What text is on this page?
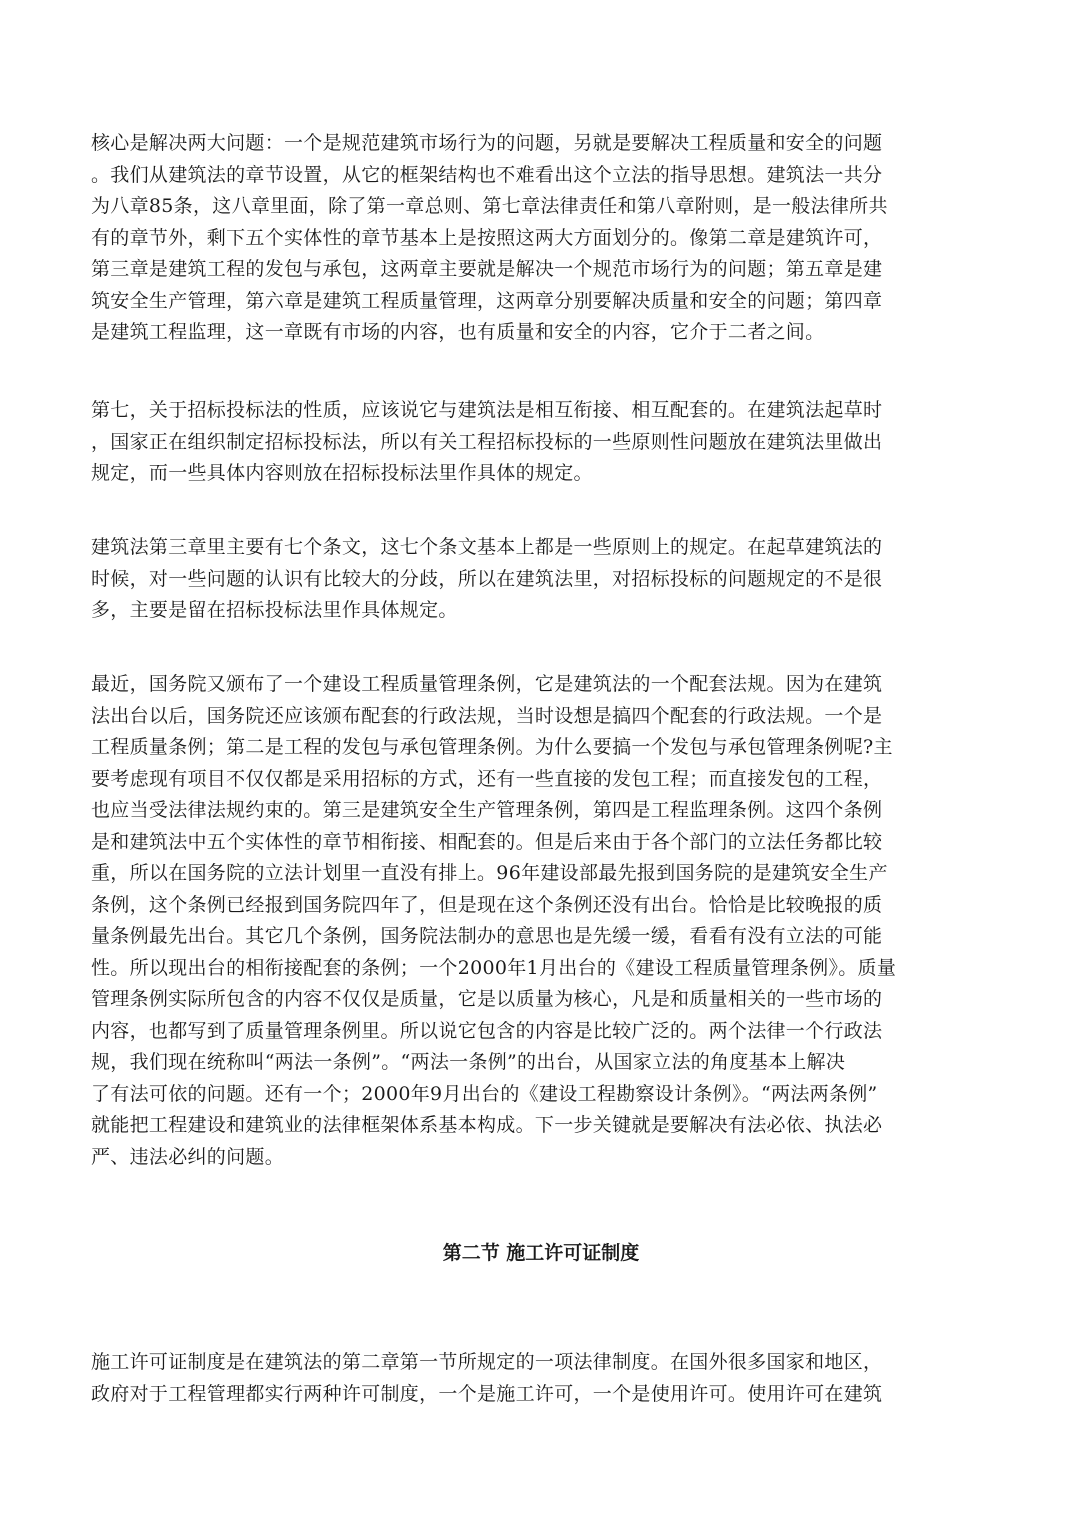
核心是解决两大问题：一个是规范建筑市场行为的问题，另就是要解决工程质量和安全的问题
。我们从建筑法的章节设置，从它的框架结构也不难看出这个立法的指导思想。建筑法一共分
为八章85条，这八章里面，除了第一章总则、第七章法律责任和第八章附则，是一般法律所共
有的章节外，剩下五个实体性的章节基本上是按照这两大方面划分的。像第二章是建筑许可，
第三章是建筑工程的发包与承包，这两章主要就是解决一个规范市场行为的问题；第五章是建
筑安全生产管理，第六章是建筑工程质量管理，这两章分别要解决质量和安全的问题；第四章
是建筑工程监理，这一章既有市场的内容，也有质量和安全的内容，它介于二者之间。

第七，关于招标投标法的性质，应该说它与建筑法是相互衔接、相互配套的。在建筑法起草时
，国家正在组织制定招标投标法，所以有关工程招标投标的一些原则性问题放在建筑法里做出
规定，而一些具体内容则放在招标投标法里作具体的规定。

建筑法第三章里主要有七个条文，这七个条文基本上都是一些原则上的规定。在起草建筑法的
时候，对一些问题的认识有比较大的分歧，所以在建筑法里，对招标投标的问题规定的不是很
多，主要是留在招标投标法里作具体规定。

最近，国务院又颁布了一个建设工程质量管理条例，它是建筑法的一个配套法规。因为在建筑
法出台以后，国务院还应该颁布配套的行政法规，当时设想是搞四个配套的行政法规。一个是
工程质量条例；第二是工程的发包与承包管理条例。为什么要搞一个发包与承包管理条例呢?主
要考虑现有项目不仅仅都是采用招标的方式，还有一些直接的发包工程；而直接发包的工程，
也应当受法律法规约束的。第三是建筑安全生产管理条例，第四是工程监理条例。这四个条例
是和建筑法中五个实体性的章节相衔接、相配套的。但是后来由于各个部门的立法任务都比较
重，所以在国务院的立法计划里一直没有排上。96年建设部最先报到国务院的是建筑安全生产
条例，这个条例已经报到国务院四年了，但是现在这个条例还没有出台。恰恰是比较晚报的质
量条例最先出台。其它几个条例，国务院法制办的意思也是先缓一缓，看看有没有立法的可能
性。所以现出台的相衔接配套的条例；一个2000年1月出台的《建设工程质量管理条例》。质量
管理条例实际所包含的内容不仅仅是质量，它是以质量为核心，凡是和质量相关的一些市场的
内容，也都写到了质量管理条例里。所以说它包含的内容是比较广泛的。两个法律一个行政法
规，我们现在统称叫“两法一条例”。“两法一条例”的出台，从国家立法的角度基本上解决
了有法可依的问题。还有一个；2000年9月出台的《建设工程勘察设计条例》。“两法两条例”
就能把工程建设和建筑业的法律框架体系基本构成。下一步关键就是要解决有法必依、执法必
严、违法必纠的问题。

第二节 施工许可证制度

施工许可证制度是在建筑法的第二章第一节所规定的一项法律制度。在国外很多国家和地区，
政府对于工程管理都实行两种许可制度，一个是施工许可，一个是使用许可。使用许可在建筑
